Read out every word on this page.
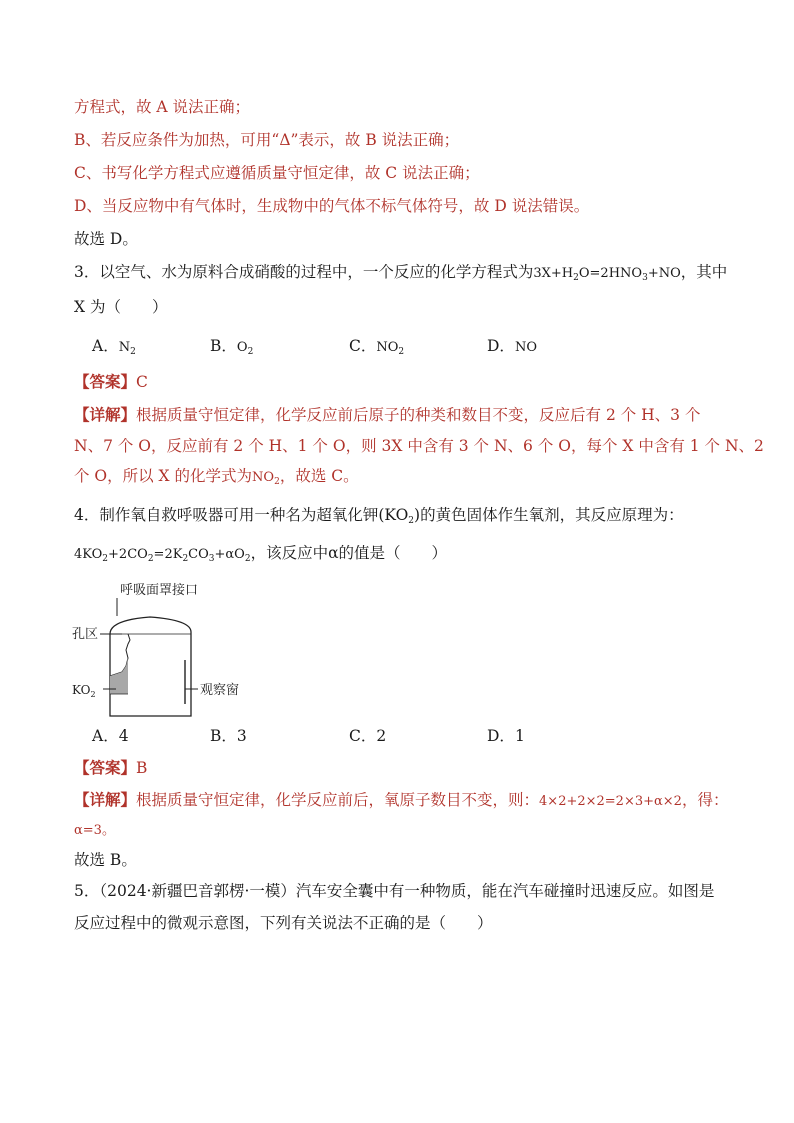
方程式，故 A 说法正确；
B、若反应条件为加热，可用“Δ”表示，故 B 说法正确；
C、书写化学方程式应遵循质量守恒定律，故 C 说法正确；
D、当反应物中有气体时，生成物中的气体不标气体符号，故 D 说法错误。
故选 D。
3．以空气、水为原料合成硝酸的过程中，一个反应的化学方程式为$3X+H_2O=2HNO_3+NO$，其中
X 为（　　）
A．$N_2$	B．$O_2$	C．$NO_2$	D．NO
【答案】C
【详解】根据质量守恒定律，化学反应前后原子的种类和数目不变，反应后有 2 个 H、3 个
N、7 个 O，反应前有 2 个 H、1 个 O，则 3X 中含有 3 个 N、6 个 O，每个 X 中含有 1 个 N、2
个 O，所以 X 的化学式为$NO_2$，故选 C。
4．制作氧自救呼吸器可用一种名为超氧化钾$(KO_2)$的黄色固体作生氧剂，其反应原理为：
$4KO_2+2CO_2=2K_2CO_3+\alpha O_2$，该反应中α的值是（　　）
呼吸面罩接口
孔区
$KO_2$	观察窗
A．4	B．3	C．2	D．1
【答案】B
【详解】根据质量守恒定律，化学反应前后，氧原子数目不变，则：4×2+2×2=2×3+α×2，得：
α=3。
故选 B。
5．（2024·新疆巴音郭楞·一模）汽车安全囊中有一种物质，能在汽车碰撞时迅速反应。如图是
反应过程中的微观示意图，下列有关说法不正确的是（　　）
